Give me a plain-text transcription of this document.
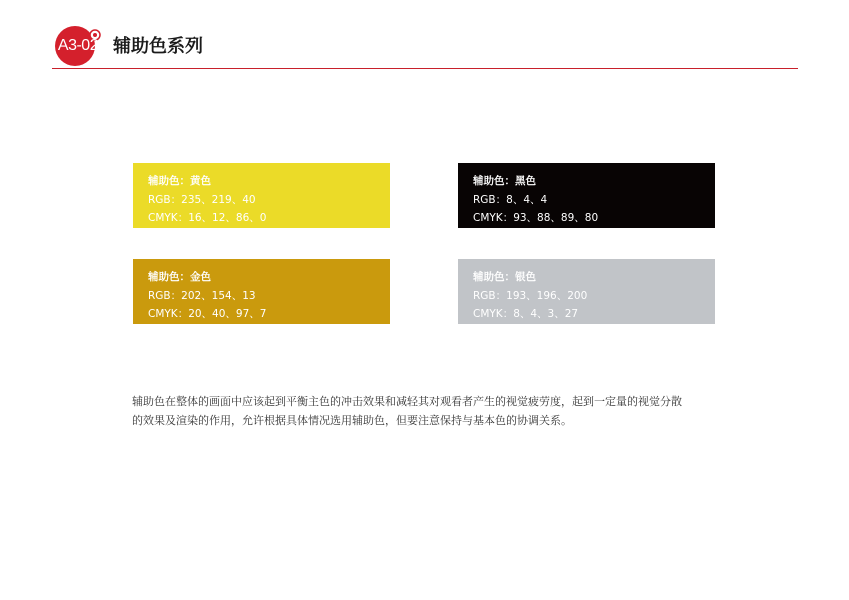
A3-02 辅助色系列
辅助色：黄色
RGB：235、219、40
CMYK：16、12、86、0
辅助色：黑色
RGB：8、4、4
CMYK：93、88、89、80
辅助色：金色
RGB：202、154、13
CMYK：20、40、97、7
辅助色：银色
RGB：193、196、200
CMYK：8、4、3、27
辅助色在整体的画面中应该起到平衡主色的冲击效果和减轻其对观看者产生的视觉疲劳度，起到一定量的视觉分散
的效果及渲染的作用，允许根据具体情况选用辅助色，但要注意保持与基本色的协调关系。
